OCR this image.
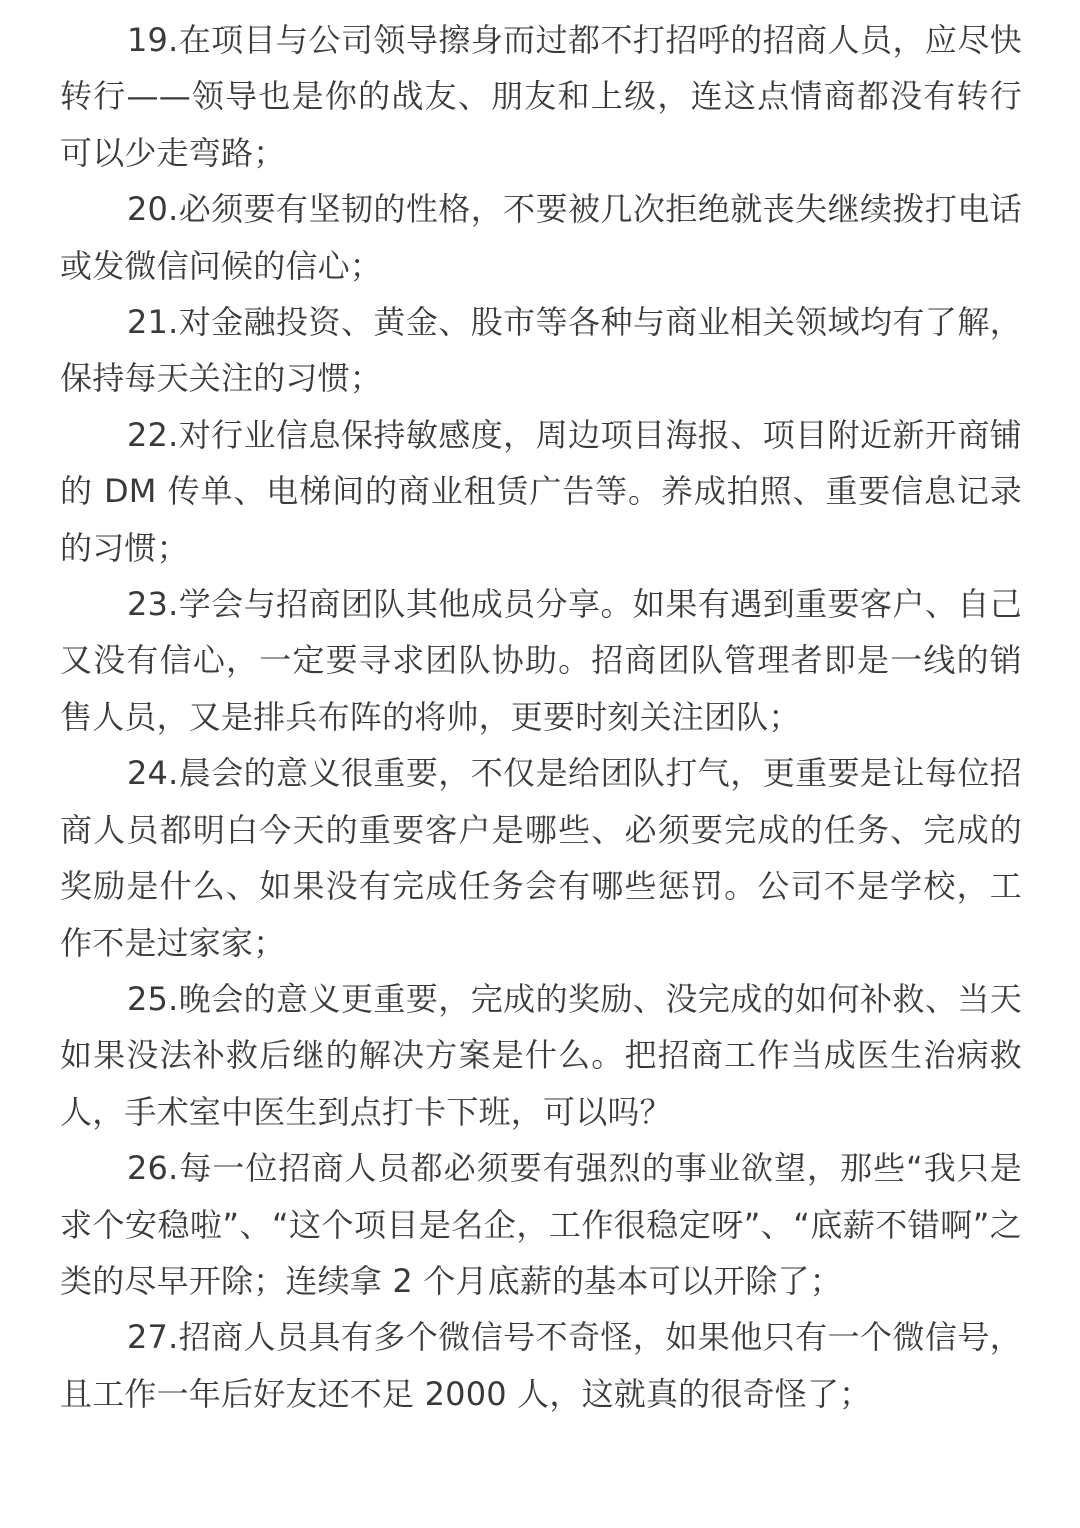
19.在项目与公司领导擦身而过都不打招呼的招商人员，应尽快转行——领导也是你的战友、朋友和上级，连这点情商都没有转行可以少走弯路；

20.必须要有坚韧的性格，不要被几次拒绝就丧失继续拨打电话或发微信问候的信心；

21.对金融投资、黄金、股市等各种与商业相关领域均有了解，保持每天关注的习惯；

22.对行业信息保持敏感度，周边项目海报、项目附近新开商铺的 DM 传单、电梯间的商业租赁广告等。养成拍照、重要信息记录的习惯；

23.学会与招商团队其他成员分享。如果有遇到重要客户、自己又没有信心，一定要寻求团队协助。招商团队管理者即是一线的销售人员，又是排兵布阵的将帅，更要时刻关注团队；

24.晨会的意义很重要，不仅是给团队打气，更重要是让每位招商人员都明白今天的重要客户是哪些、必须要完成的任务、完成的奖励是什么、如果没有完成任务会有哪些惩罚。公司不是学校，工作不是过家家；

25.晚会的意义更重要，完成的奖励、没完成的如何补救、当天如果没法补救后继的解决方案是什么。把招商工作当成医生治病救人，手术室中医生到点打卡下班，可以吗？

26.每一位招商人员都必须要有强烈的事业欲望，那些“我只是求个安稳啦”、“这个项目是名企，工作很稳定呀”、“底薪不错啊”之类的尽早开除；连续拿 2 个月底薪的基本可以开除了；

27.招商人员具有多个微信号不奇怪，如果他只有一个微信号，且工作一年后好友还不足 2000 人，这就真的很奇怪了；
